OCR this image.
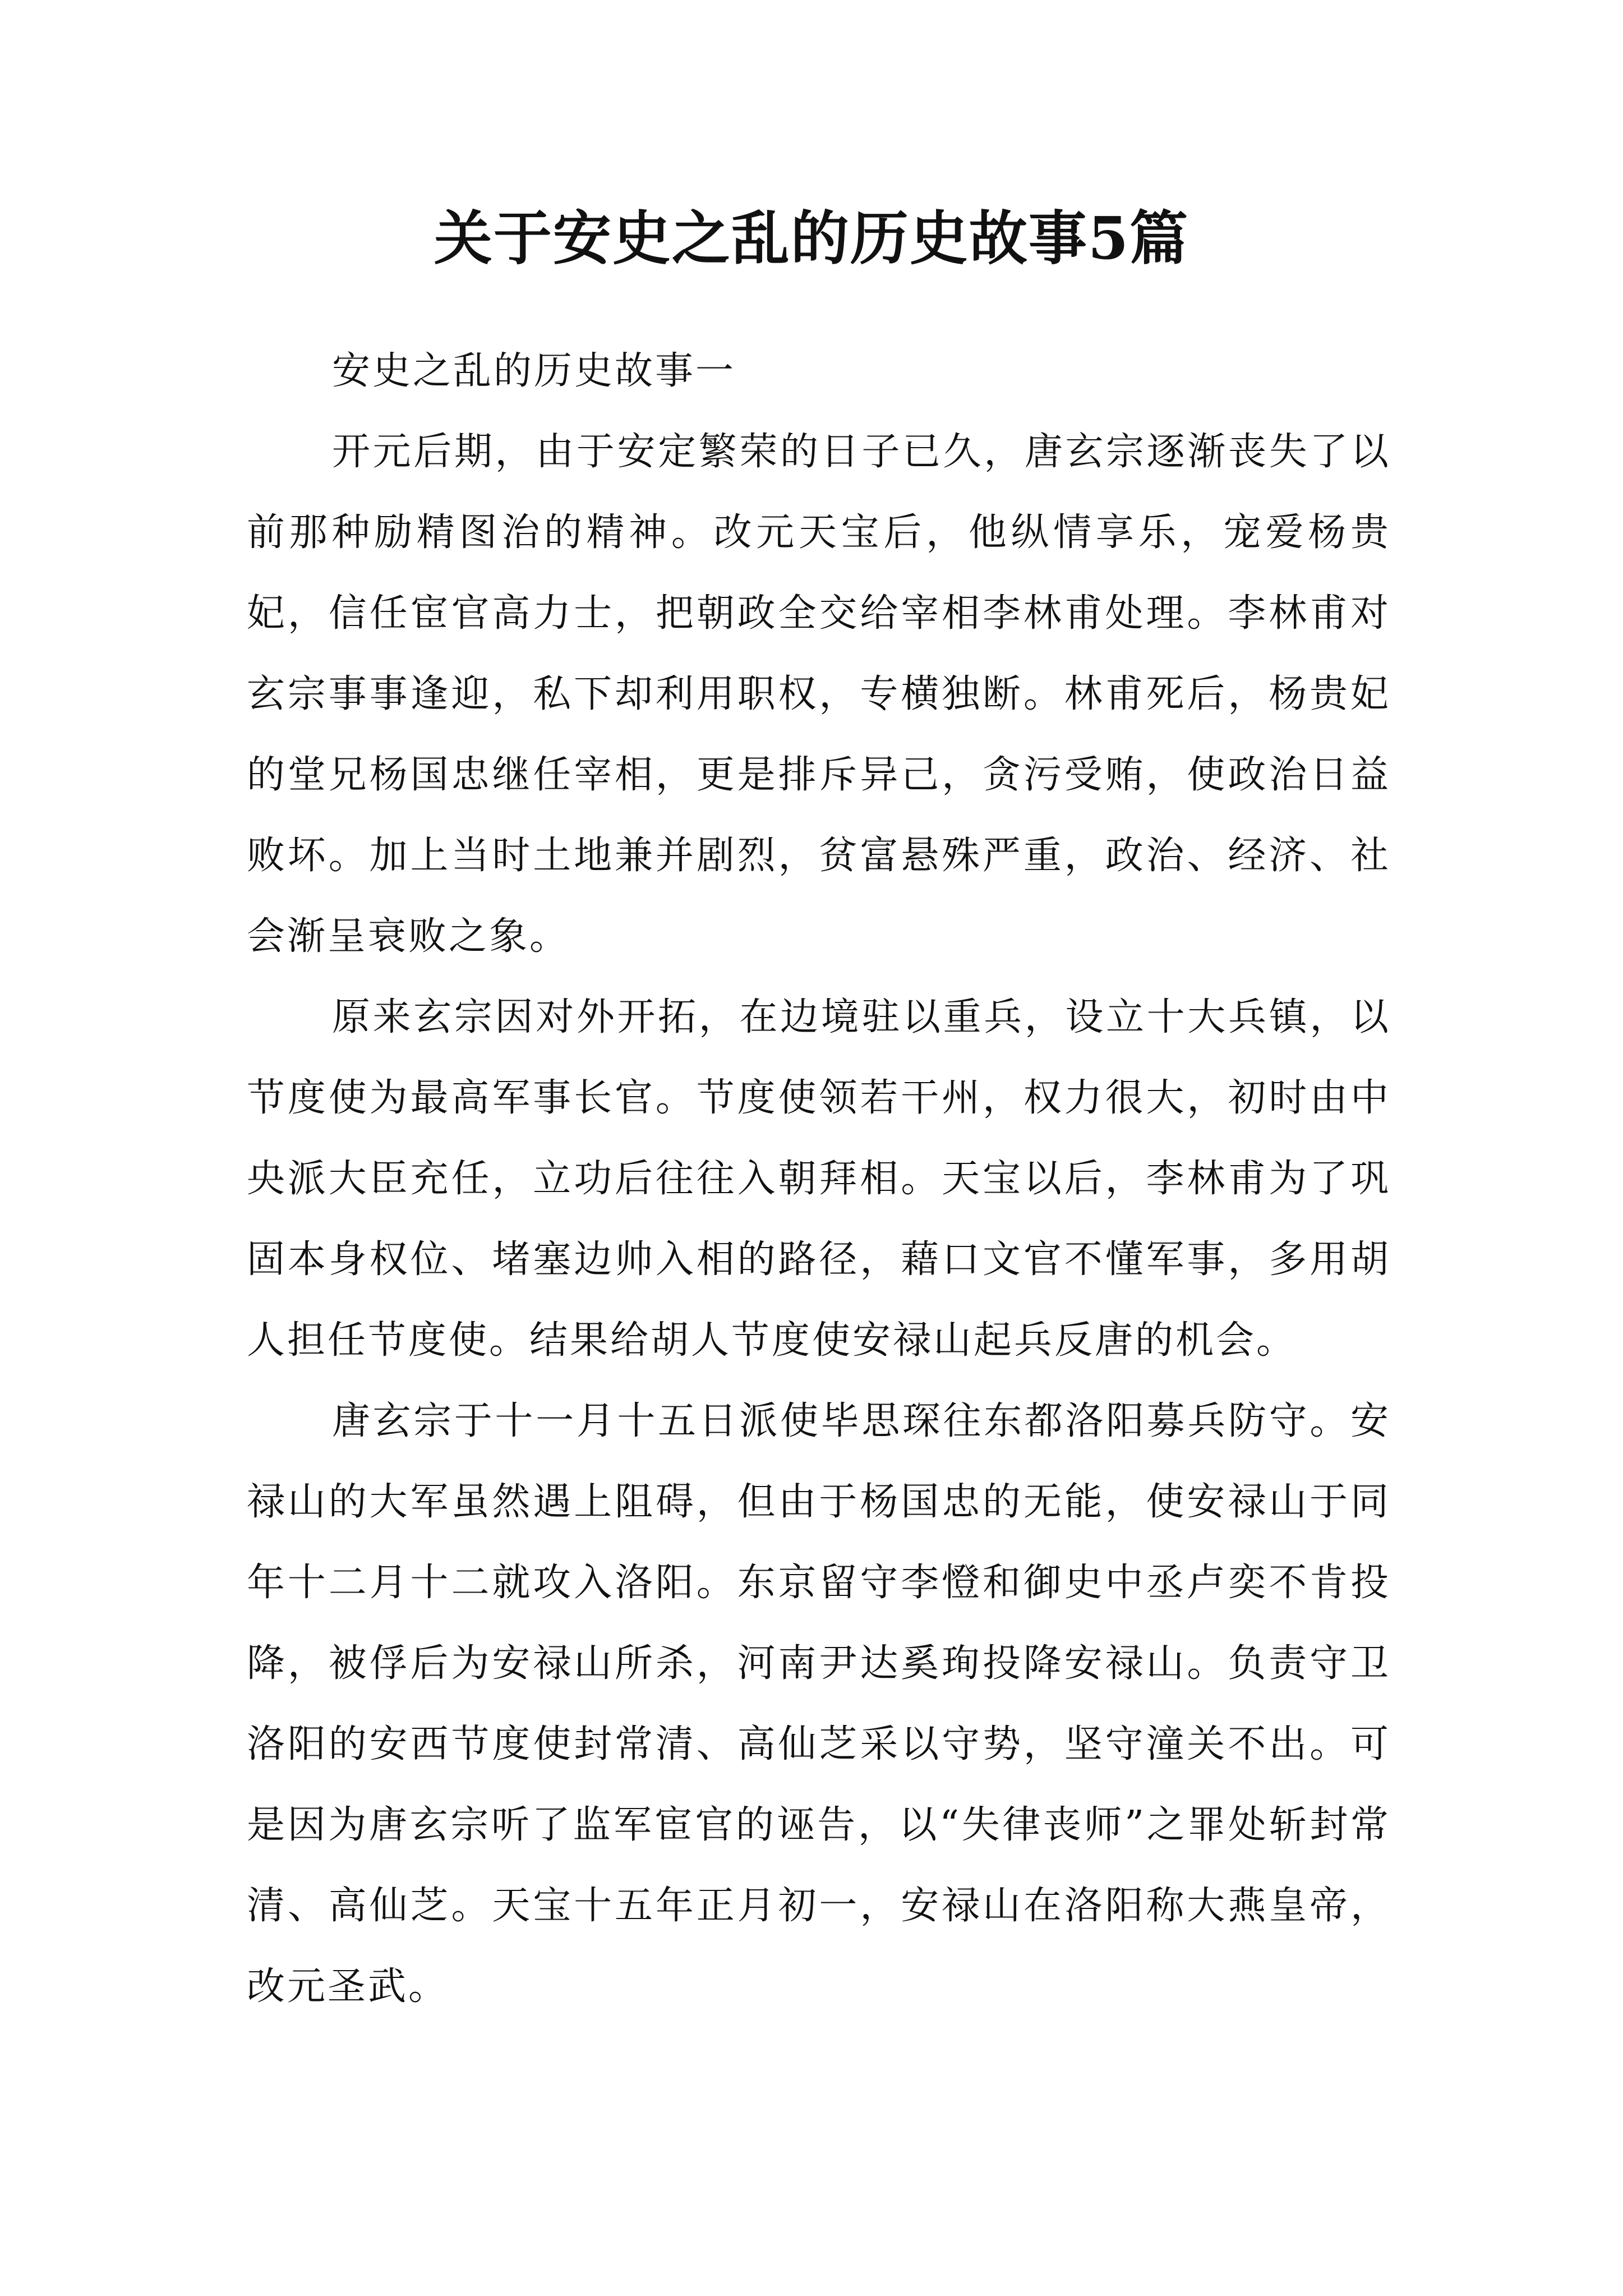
关于安史之乱的历史故事5篇

安史之乱的历史故事一

开元后期，由于安定繁荣的日子已久，唐玄宗逐渐丧失了以前那种励精图治的精神。改元天宝后，他纵情享乐，宠爱杨贵妃，信任宦官高力士，把朝政全交给宰相李林甫处理。李林甫对玄宗事事逢迎，私下却利用职权，专横独断。林甫死后，杨贵妃的堂兄杨国忠继任宰相，更是排斥异己，贪污受贿，使政治日益败坏。加上当时土地兼并剧烈，贫富悬殊严重，政治、经济、社会渐呈衰败之象。

原来玄宗因对外开拓，在边境驻以重兵，设立十大兵镇，以节度使为最高军事长官。节度使领若干州，权力很大，初时由中央派大臣充任，立功后往往入朝拜相。天宝以后，李林甫为了巩固本身权位、堵塞边帅入相的路径，藉口文官不懂军事，多用胡人担任节度使。结果给胡人节度使安禄山起兵反唐的机会。

唐玄宗于十一月十五日派使毕思琛往东都洛阳募兵防守。安禄山的大军虽然遇上阻碍，但由于杨国忠的无能，使安禄山于同年十二月十二就攻入洛阳。东京留守李憕和御史中丞卢奕不肯投降，被俘后为安禄山所杀，河南尹达奚珣投降安禄山。负责守卫洛阳的安西节度使封常清、高仙芝采以守势，坚守潼关不出。可是因为唐玄宗听了监军宦官的诬告，以“失律丧师”之罪处斩封常清、高仙芝。天宝十五年正月初一，安禄山在洛阳称大燕皇帝，改元圣武。
